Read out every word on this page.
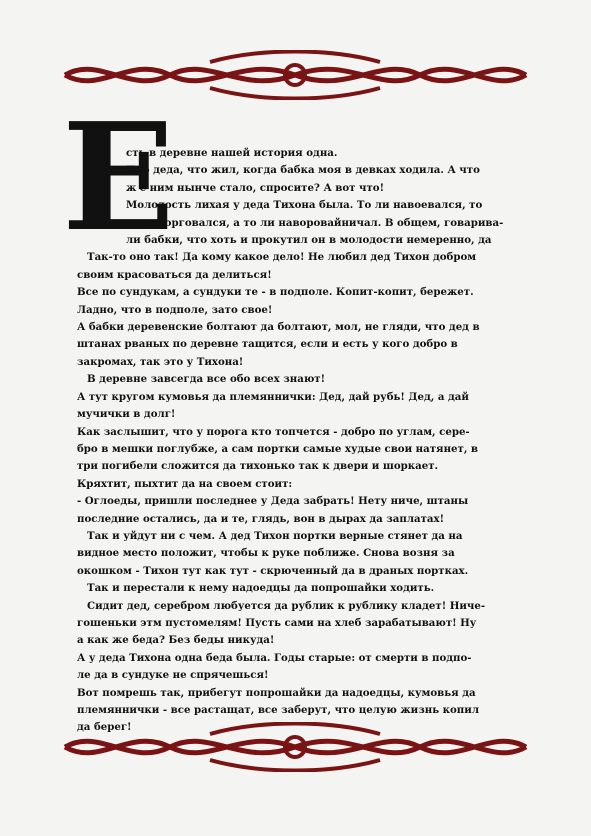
Е

сть в деревне нашей история одна.

Про деда, что жил, когда бабка моя в девках ходила. А что

ж с ним нынче стало, спросите? А вот что!

Молодость лихая у деда Тихона была. То ли навоевался, то

ли наторговался, а то ли наворовайничал. В общем, говарива-

ли бабки, что хоть и прокутил он в молодости немеренно, да

Так-то оно так! Да кому какое дело! Не любил дед Тихон добром

своим красоваться да делиться!

Все по сундукам, а сундуки те - в подполе. Копит-копит, бережет.

Ладно, что в подполе, зато свое!

А бабки деревенские болтают да болтают, мол, не гляди, что дед в

штанах рваных по деревне тащится, если и есть у кого добро в

закромах, так это у Тихона!

В деревне завсегда все обо всех знают!

А тут кругом кумовья да племяннички: Дед, дай рубь! Дед, а дай

мучички в долг!

Как заслышит, что у порога кто топчется - добро по углам, сере-

бро в мешки поглубже, а сам портки самые худые свои натянет, в

три погибели сложится да тихонько так к двери и шоркает.

Кряхтит, пыхтит да на своем стоит:

- Оглоеды, пришли последнее у Деда забрать! Нету ниче, штаны

последние остались, да и те, глядь, вон в дырах да заплатах!

Так и уйдут ни с чем. А дед Тихон портки верные стянет да на

видное место положит, чтобы к руке поближе. Снова возня за

окошком - Тихон тут как тут - скрюченный да в драных портках.

Так и перестали к нему надоедцы да попрошайки ходить.

Сидит дед, серебром любуется да рублик к рублику кладет! Ниче-

гошеньки этм пустомелям! Пусть сами на хлеб зарабатывают! Ну

а как же беда? Без беды никуда!

А у деда Тихона одна беда была. Годы старые: от смерти в подпо-

ле да в сундуке не спрячешься!

Вот помрешь так, прибегут попрошайки да надоедцы, кумовья да

племяннички - все растащат, все заберут, что целую жизнь копил

да берег!
